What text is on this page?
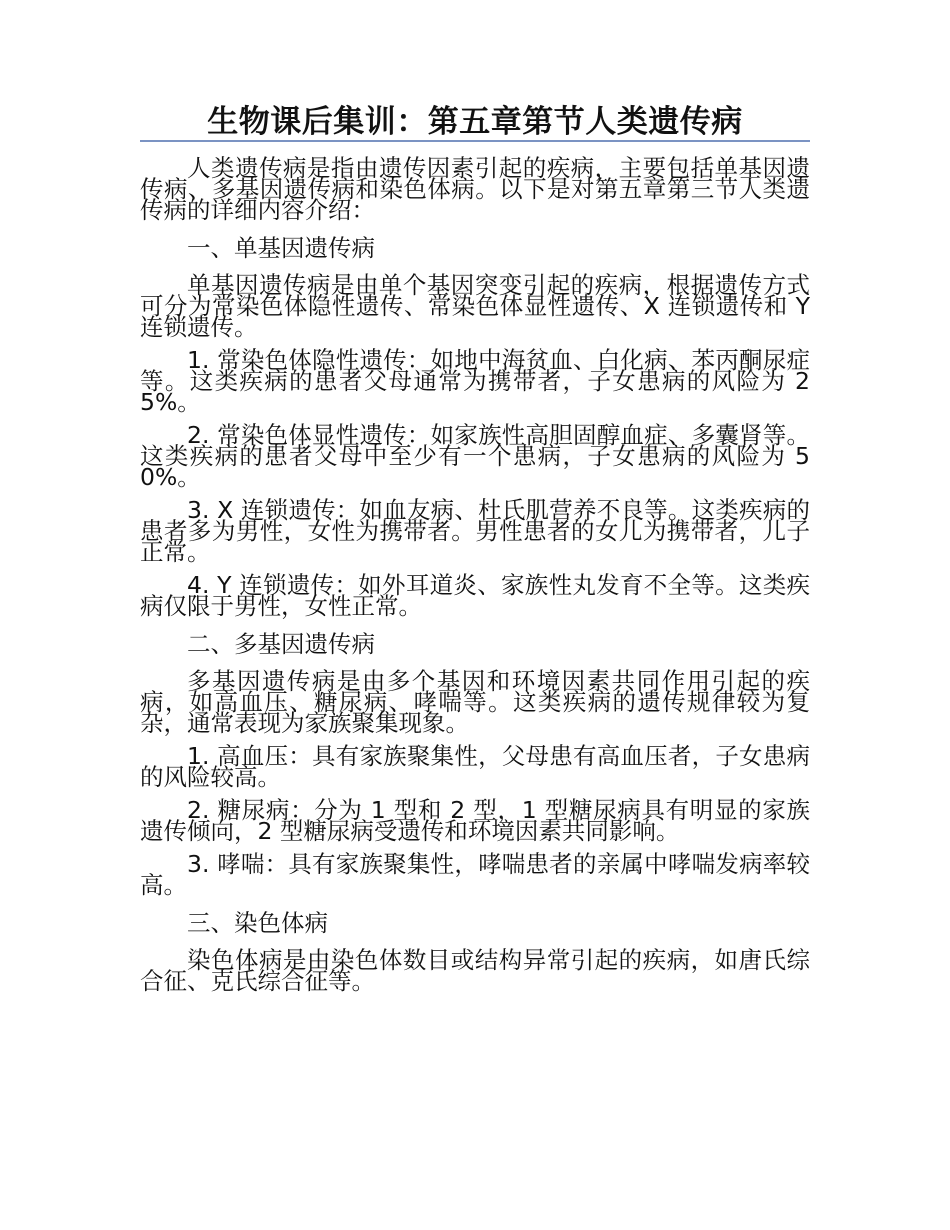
生物课后集训：第五章第节人类遗传病

人类遗传病是指由遗传因素引起的疾病，主要包括单基因遗传病、多基因遗传病和染色体病。以下是对第五章第三节人类遗传病的详细内容介绍：

一、单基因遗传病

单基因遗传病是由单个基因突变引起的疾病，根据遗传方式可分为常染色体隐性遗传、常染色体显性遗传、X 连锁遗传和 Y 连锁遗传。

1. 常染色体隐性遗传：如地中海贫血、白化病、苯丙酮尿症等。这类疾病的患者父母通常为携带者，子女患病的风险为 25%。

2. 常染色体显性遗传：如家族性高胆固醇血症、多囊肾等。这类疾病的患者父母中至少有一个患病，子女患病的风险为 50%。

3. X 连锁遗传：如血友病、杜氏肌营养不良等。这类疾病的患者多为男性，女性为携带者。男性患者的女儿为携带者，儿子正常。

4. Y 连锁遗传：如外耳道炎、家族性丸发育不全等。这类疾病仅限于男性，女性正常。

二、多基因遗传病

多基因遗传病是由多个基因和环境因素共同作用引起的疾病，如高血压、糖尿病、哮喘等。这类疾病的遗传规律较为复杂，通常表现为家族聚集现象。

1. 高血压：具有家族聚集性，父母患有高血压者，子女患病的风险较高。

2. 糖尿病：分为 1 型和 2 型，1 型糖尿病具有明显的家族遗传倾向，2 型糖尿病受遗传和环境因素共同影响。

3. 哮喘：具有家族聚集性，哮喘患者的亲属中哮喘发病率较高。

三、染色体病

染色体病是由染色体数目或结构异常引起的疾病，如唐氏综合征、克氏综合征等。
